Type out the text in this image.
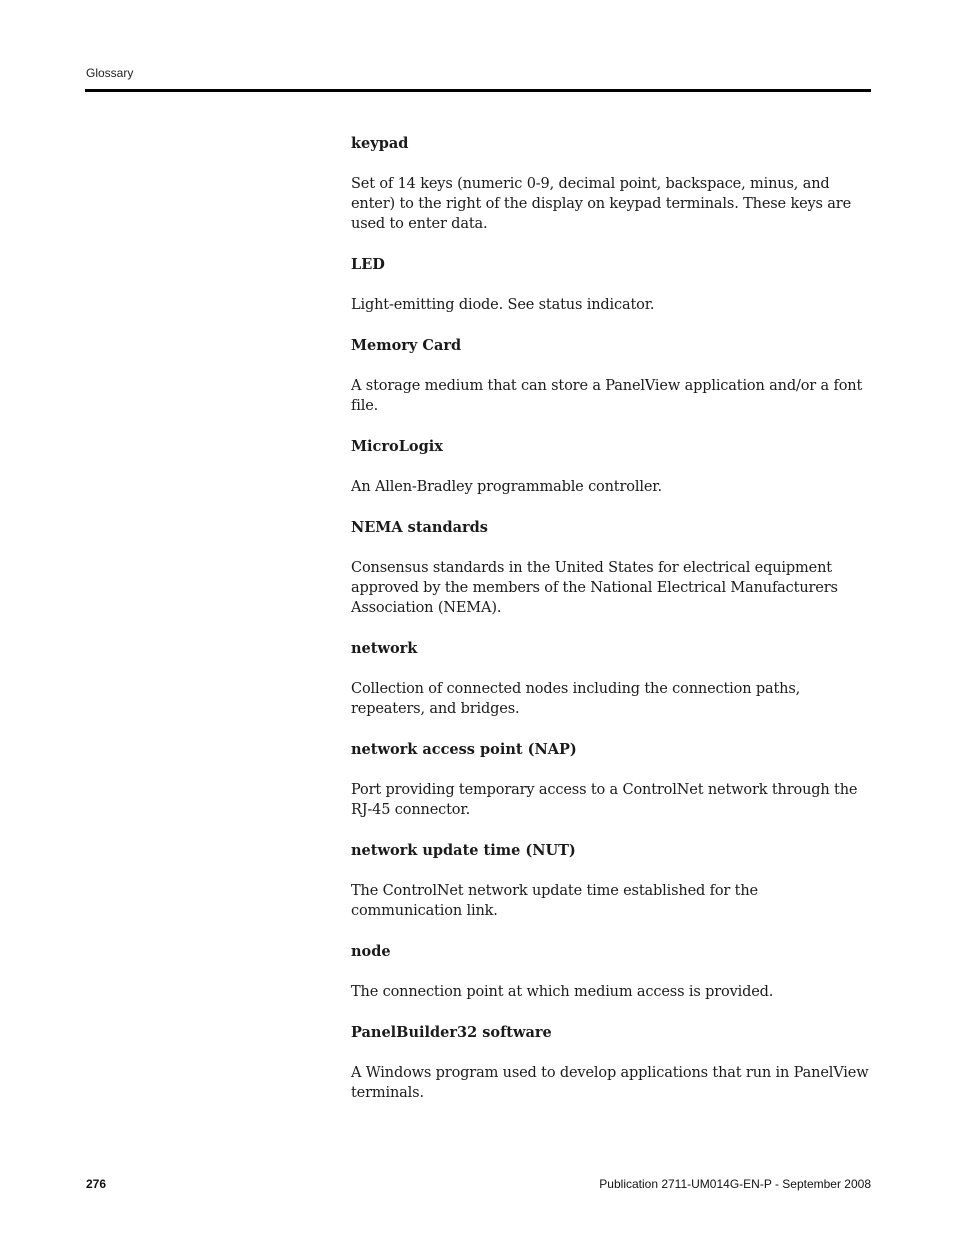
Glossary
keypad
Set of 14 keys (numeric 0-9, decimal point, backspace, minus, and enter) to the right of the display on keypad terminals. These keys are used to enter data.
LED
Light-emitting diode. See status indicator.
Memory Card
A storage medium that can store a PanelView application and/or a font file.
MicroLogix
An Allen-Bradley programmable controller.
NEMA standards
Consensus standards in the United States for electrical equipment approved by the members of the National Electrical Manufacturers Association (NEMA).
network
Collection of connected nodes including the connection paths, repeaters, and bridges.
network access point (NAP)
Port providing temporary access to a ControlNet network through the RJ-45 connector.
network update time (NUT)
The ControlNet network update time established for the communication link.
node
The connection point at which medium access is provided.
PanelBuilder32 software
A Windows program used to develop applications that run in PanelView terminals.
276	Publication 2711-UM014G-EN-P - September 2008
